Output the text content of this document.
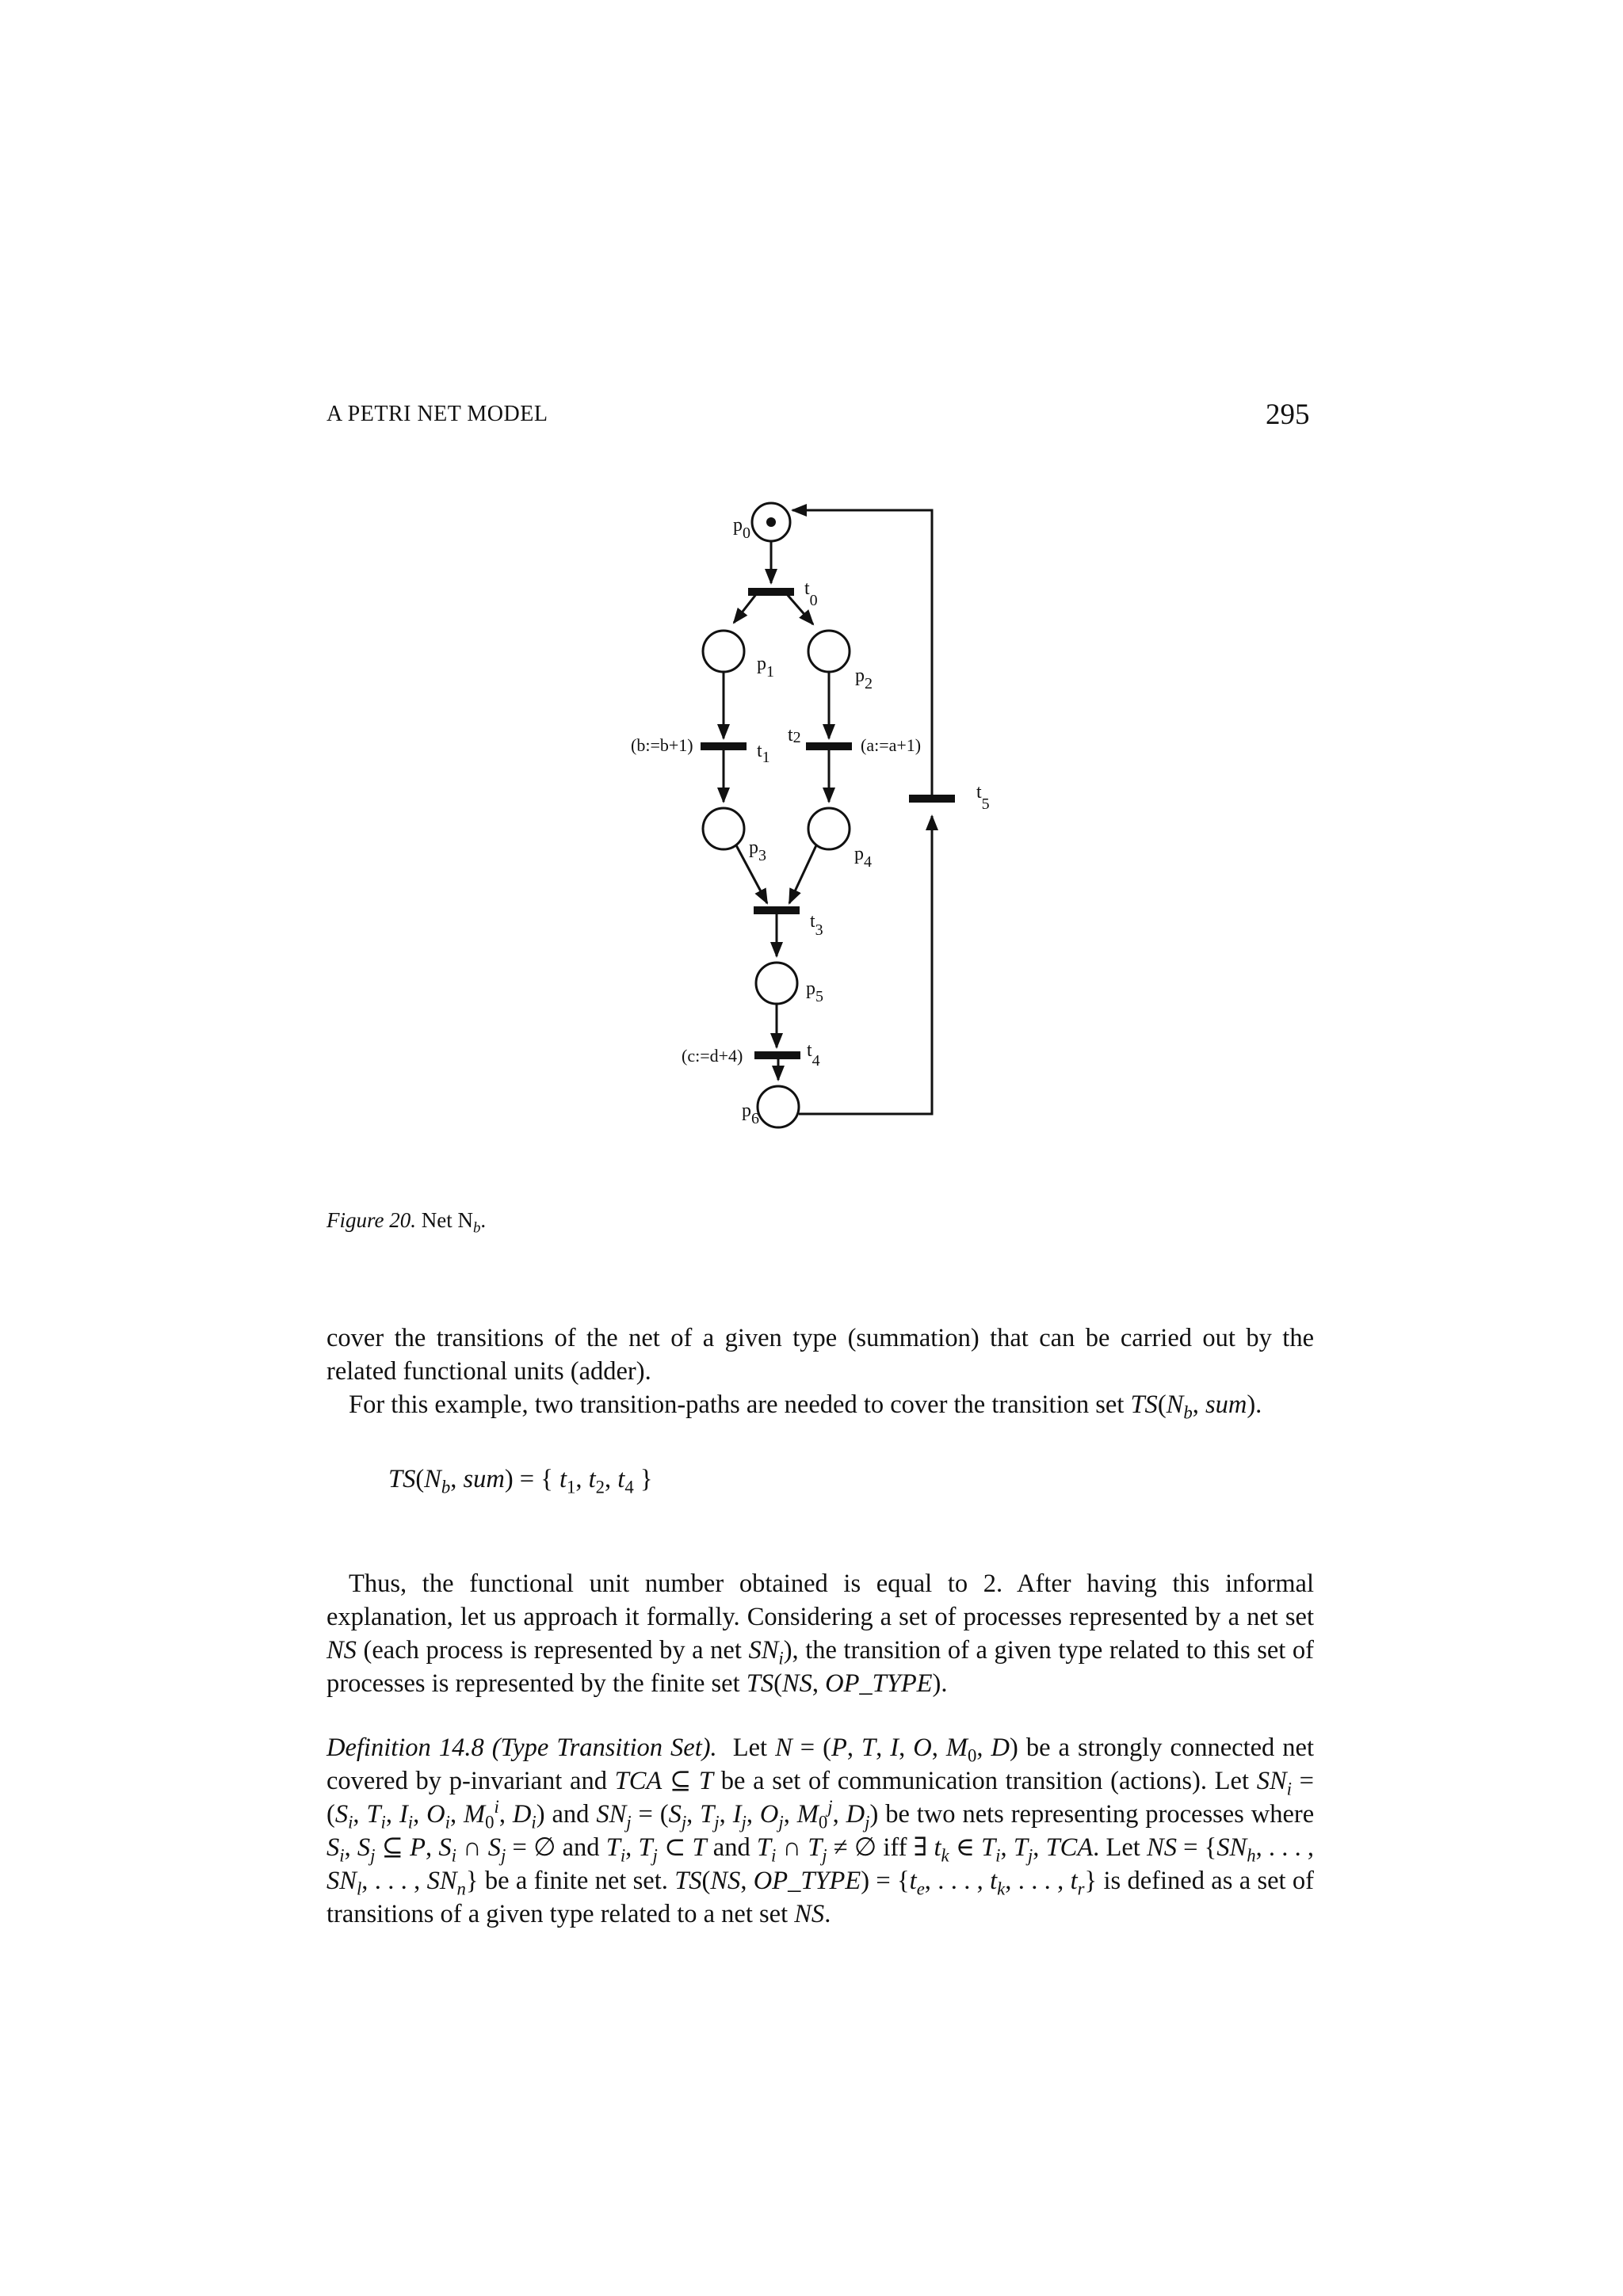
A PETRI NET MODEL	295
$p_0$
$t_0$
$p_1$	$p_2$
(b:=b+1)	$t_1$
t2	(a:=a+1)
$t_5$
$p_3$	$p_4$
$t_3$
$p_5$
(c:=d+4)	$t_4$
$p_6$
Figure 20. Net $N_b$.

cover the transitions of the net of a given type (summation) that can be carried out by the related functional units (adder).

For this example, two transition-paths are needed to cover the transition set $TS(N_b$, sum).

$TS(N_b$, sum) = { $t_1$, $t_2$, $t_4$ }

Thus, the functional unit number obtained is equal to 2. After having this informal explanation, let us approach it formally. Considering a set of processes represented by a net set NS (each process is represented by a net $SN_i$), the transition of a given type related to this set of processes is represented by the finite set TS(NS, OP_TYPE).

Definition 14.8 (Type Transition Set). Let N = (P, T, I, O, $M_0$, D) be a strongly connected net covered by p-invariant and TCA ⊆ T be a set of communication transition (actions). Let $SN_i = (S_i$, $T_i$, $I_i$, $O_i$, $M_0^i$, $D_i$) and $SN_j = (S_j$, $T_j$, $I_j$, $O_j$, $M_0^j$, $D_j$) be two nets representing processes where $S_i$, $S_j$ ⊆ P, $S_i$ ∩ $S_j$ = ∅ and $T_i$, $T_j$ ⊂ T and $T_i$ ∩ $T_j$ ≠ ∅ iff ∃ $t_k$ ∈ $T_i$, $T_j$, TCA. Let NS = {$SN_h$, . . . , $SN_l$, . . . , $SN_n$} be a finite net set. TS(NS, OP_TYPE) = {$t_e$, . . . , $t_k$, . . . , $t_r$} is defined as a set of transitions of a given type related to a net set NS.
